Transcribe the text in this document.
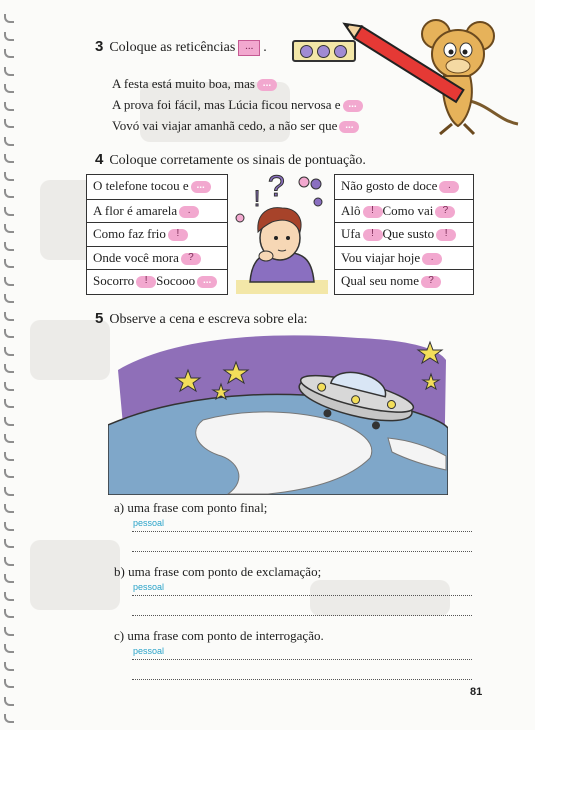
3 Coloque as reticências ... .
A festa está muito boa, mas ...
A prova foi fácil, mas Lúcia ficou nervosa e ...
Vovó vai viajar amanhã cedo, a não ser que ...
4 Coloque corretamente os sinais de pontuação.
O telefone tocou e ...
A flor é amarela .
Como faz frio !
Onde você mora ?
Socorro ! Socooo ...
Não gosto de doce .
Alô ! Como vai ?
Ufa ! Que susto !
Vou viajar hoje .
Qual seu nome ?
?
!
5 Observe a cena e escreva sobre ela:
a) uma frase com ponto final;
pessoal
b) uma frase com ponto de exclamação;
pessoal
c) uma frase com ponto de interrogação.
pessoal
81
